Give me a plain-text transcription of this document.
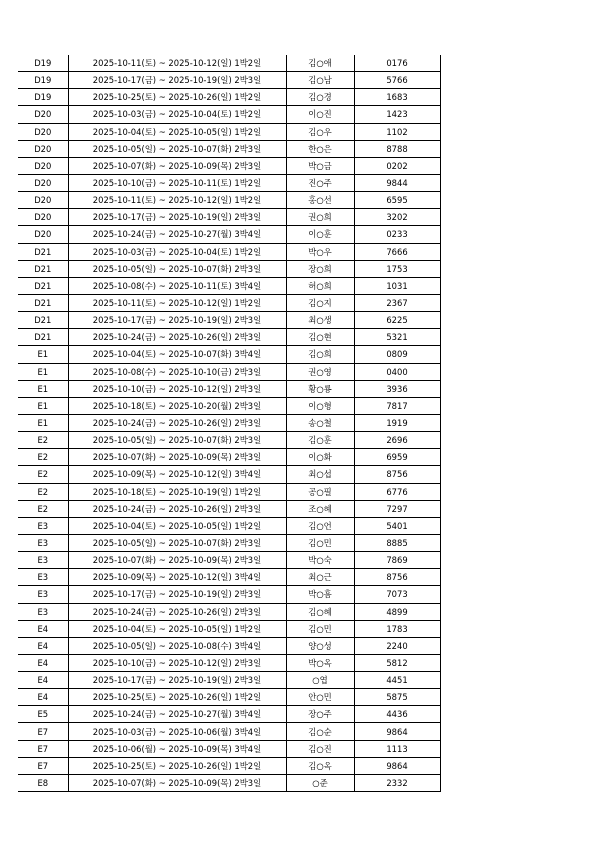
D19	2025-10-11(토) ~ 2025-10-12(일) 1박2일	김○애	0176
D19	2025-10-17(금) ~ 2025-10-19(일) 2박3일	김○남	5766
D19	2025-10-25(토) ~ 2025-10-26(일) 1박2일	김○경	1683
D20	2025-10-03(금) ~ 2025-10-04(토) 1박2일	이○진	1423
D20	2025-10-04(토) ~ 2025-10-05(일) 1박2일	김○우	1102
D20	2025-10-05(일) ~ 2025-10-07(화) 2박3일	한○은	8788
D20	2025-10-07(화) ~ 2025-10-09(목) 2박3일	박○금	0202
D20	2025-10-10(금) ~ 2025-10-11(토) 1박2일	진○주	9844
D20	2025-10-11(토) ~ 2025-10-12(일) 1박2일	홍○선	6595
D20	2025-10-17(금) ~ 2025-10-19(일) 2박3일	권○희	3202
D20	2025-10-24(금) ~ 2025-10-27(월) 3박4일	이○훈	0233
D21	2025-10-03(금) ~ 2025-10-04(토) 1박2일	박○우	7666
D21	2025-10-05(일) ~ 2025-10-07(화) 2박3일	장○희	1753
D21	2025-10-08(수) ~ 2025-10-11(토) 3박4일	허○희	1031
D21	2025-10-11(토) ~ 2025-10-12(일) 1박2일	김○지	2367
D21	2025-10-17(금) ~ 2025-10-19(일) 2박3일	최○생	6225
D21	2025-10-24(금) ~ 2025-10-26(일) 2박3일	김○현	5321
E1	2025-10-04(토) ~ 2025-10-07(화) 3박4일	김○희	0809
E1	2025-10-08(수) ~ 2025-10-10(금) 2박3일	권○영	0400
E1	2025-10-10(금) ~ 2025-10-12(일) 2박3일	황○룡	3936
E1	2025-10-18(토) ~ 2025-10-20(월) 2박3일	이○형	7817
E1	2025-10-24(금) ~ 2025-10-26(일) 2박3일	송○철	1919
E2	2025-10-05(일) ~ 2025-10-07(화) 2박3일	김○훈	2696
E2	2025-10-07(화) ~ 2025-10-09(목) 2박3일	이○화	6959
E2	2025-10-09(목) ~ 2025-10-12(일) 3박4일	최○섭	8756
E2	2025-10-18(토) ~ 2025-10-19(일) 1박2일	공○필	6776
E2	2025-10-24(금) ~ 2025-10-26(일) 2박3일	조○혜	7297
E3	2025-10-04(토) ~ 2025-10-05(일) 1박2일	김○언	5401
E3	2025-10-05(일) ~ 2025-10-07(화) 2박3일	김○민	8885
E3	2025-10-07(화) ~ 2025-10-09(목) 2박3일	박○숙	7869
E3	2025-10-09(목) ~ 2025-10-12(일) 3박4일	최○근	8756
E3	2025-10-17(금) ~ 2025-10-19(일) 2박3일	박○흠	7073
E3	2025-10-24(금) ~ 2025-10-26(일) 2박3일	김○혜	4899
E4	2025-10-04(토) ~ 2025-10-05(일) 1박2일	김○민	1783
E4	2025-10-05(일) ~ 2025-10-08(수) 3박4일	양○성	2240
E4	2025-10-10(금) ~ 2025-10-12(일) 2박3일	박○옥	5812
E4	2025-10-17(금) ~ 2025-10-19(일) 2박3일	○엽	4451
E4	2025-10-25(토) ~ 2025-10-26(일) 1박2일	안○민	5875
E5	2025-10-24(금) ~ 2025-10-27(월) 3박4일	장○주	4436
E7	2025-10-03(금) ~ 2025-10-06(월) 3박4일	김○순	9864
E7	2025-10-06(월) ~ 2025-10-09(목) 3박4일	김○진	1113
E7	2025-10-25(토) ~ 2025-10-26(일) 1박2일	김○옥	9864
E8	2025-10-07(화) ~ 2025-10-09(목) 2박3일	○준	2332
